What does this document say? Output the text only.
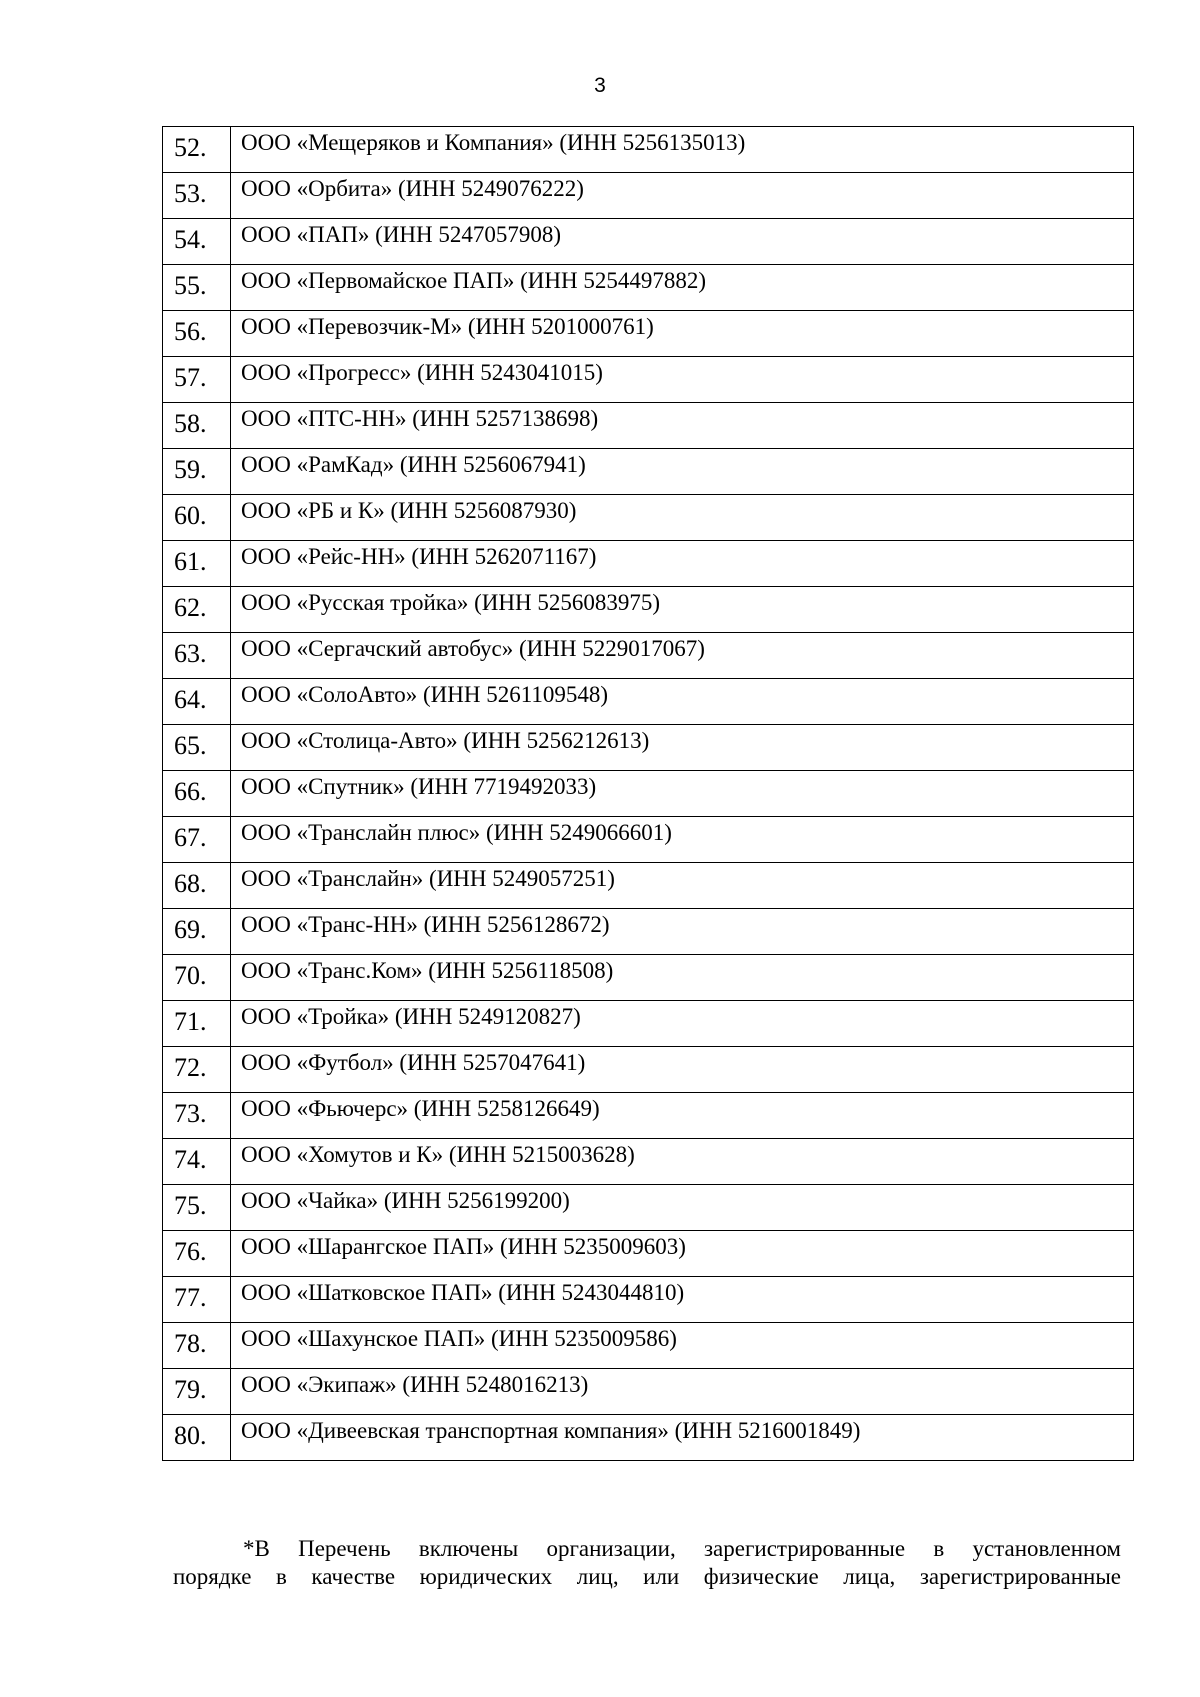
3
52.	ООО «Мещеряков и Компания» (ИНН 5256135013)
53.	ООО «Орбита» (ИНН 5249076222)
54.	ООО «ПАП» (ИНН 5247057908)
55.	ООО «Первомайское ПАП» (ИНН 5254497882)
56.	ООО «Перевозчик-М» (ИНН 5201000761)
57.	ООО «Прогресс» (ИНН 5243041015)
58.	ООО «ПТС-НН» (ИНН 5257138698)
59.	ООО «РамКад» (ИНН 5256067941)
60.	ООО «РБ и К» (ИНН 5256087930)
61.	ООО «Рейс-НН» (ИНН 5262071167)
62.	ООО «Русская тройка» (ИНН 5256083975)
63.	ООО «Сергачский автобус» (ИНН 5229017067)
64.	ООО «СолоАвто» (ИНН 5261109548)
65.	ООО «Столица-Авто» (ИНН 5256212613)
66.	ООО «Спутник» (ИНН 7719492033)
67.	ООО «Транслайн плюс» (ИНН 5249066601)
68.	ООО «Транслайн» (ИНН 5249057251)
69.	ООО «Транс-НН» (ИНН 5256128672)
70.	ООО «Транс.Ком» (ИНН 5256118508)
71.	ООО «Тройка» (ИНН 5249120827)
72.	ООО «Футбол» (ИНН 5257047641)
73.	ООО «Фьючерс» (ИНН 5258126649)
74.	ООО «Хомутов и К» (ИНН 5215003628)
75.	ООО «Чайка» (ИНН 5256199200)
76.	ООО «Шарангское ПАП» (ИНН 5235009603)
77.	ООО «Шатковское ПАП» (ИНН 5243044810)
78.	ООО «Шахунское ПАП» (ИНН 5235009586)
79.	ООО «Экипаж» (ИНН 5248016213)
80.	ООО «Дивеевская транспортная компания» (ИНН 5216001849)
*В Перечень включены организации, зарегистрированные в установленном
порядке в качестве юридических лиц, или физические лица, зарегистрированные
